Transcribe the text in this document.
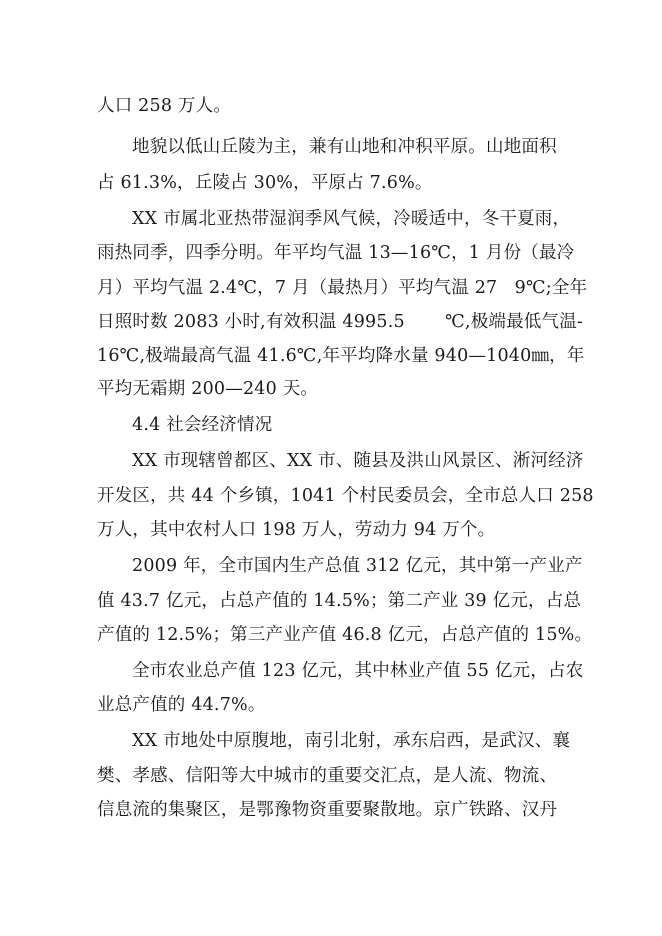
人口 258 万人。
地貌以低山丘陵为主，兼有山地和冲积平原。山地面积
占 61.3%，丘陵占 30%，平原占 7.6%。
XX 市属北亚热带湿润季风气候，冷暖适中，冬干夏雨，
雨热同季，四季分明。年平均气温 13—16℃，1 月份（最冷
月）平均气温 2.4℃，7 月（最热月）平均气温 27   9℃;全年
日照时数 2083 小时,有效积温 4995.5       ℃,极端最低气温-
16℃,极端最高气温 41.6℃,年平均降水量 940—1040㎜，年
平均无霜期 200—240 天。
4.4 社会经济情况
XX 市现辖曾都区、XX 市、随县及洪山风景区、淅河经济
开发区，共 44 个乡镇，1041 个村民委员会，全市总人口 258
万人，其中农村人口 198 万人，劳动力 94 万个。
2009 年，全市国内生产总值 312 亿元，其中第一产业产
值 43.7 亿元，占总产值的 14.5%；第二产业 39 亿元，占总
产值的 12.5%；第三产业产值 46.8 亿元，占总产值的 15%。
全市农业总产值 123 亿元，其中林业产值 55 亿元，占农
业总产值的 44.7%。
XX 市地处中原腹地，南引北射，承东启西，是武汉、襄
樊、孝感、信阳等大中城市的重要交汇点，是人流、物流、
信息流的集聚区，是鄂豫物资重要聚散地。京广铁路、汉丹
